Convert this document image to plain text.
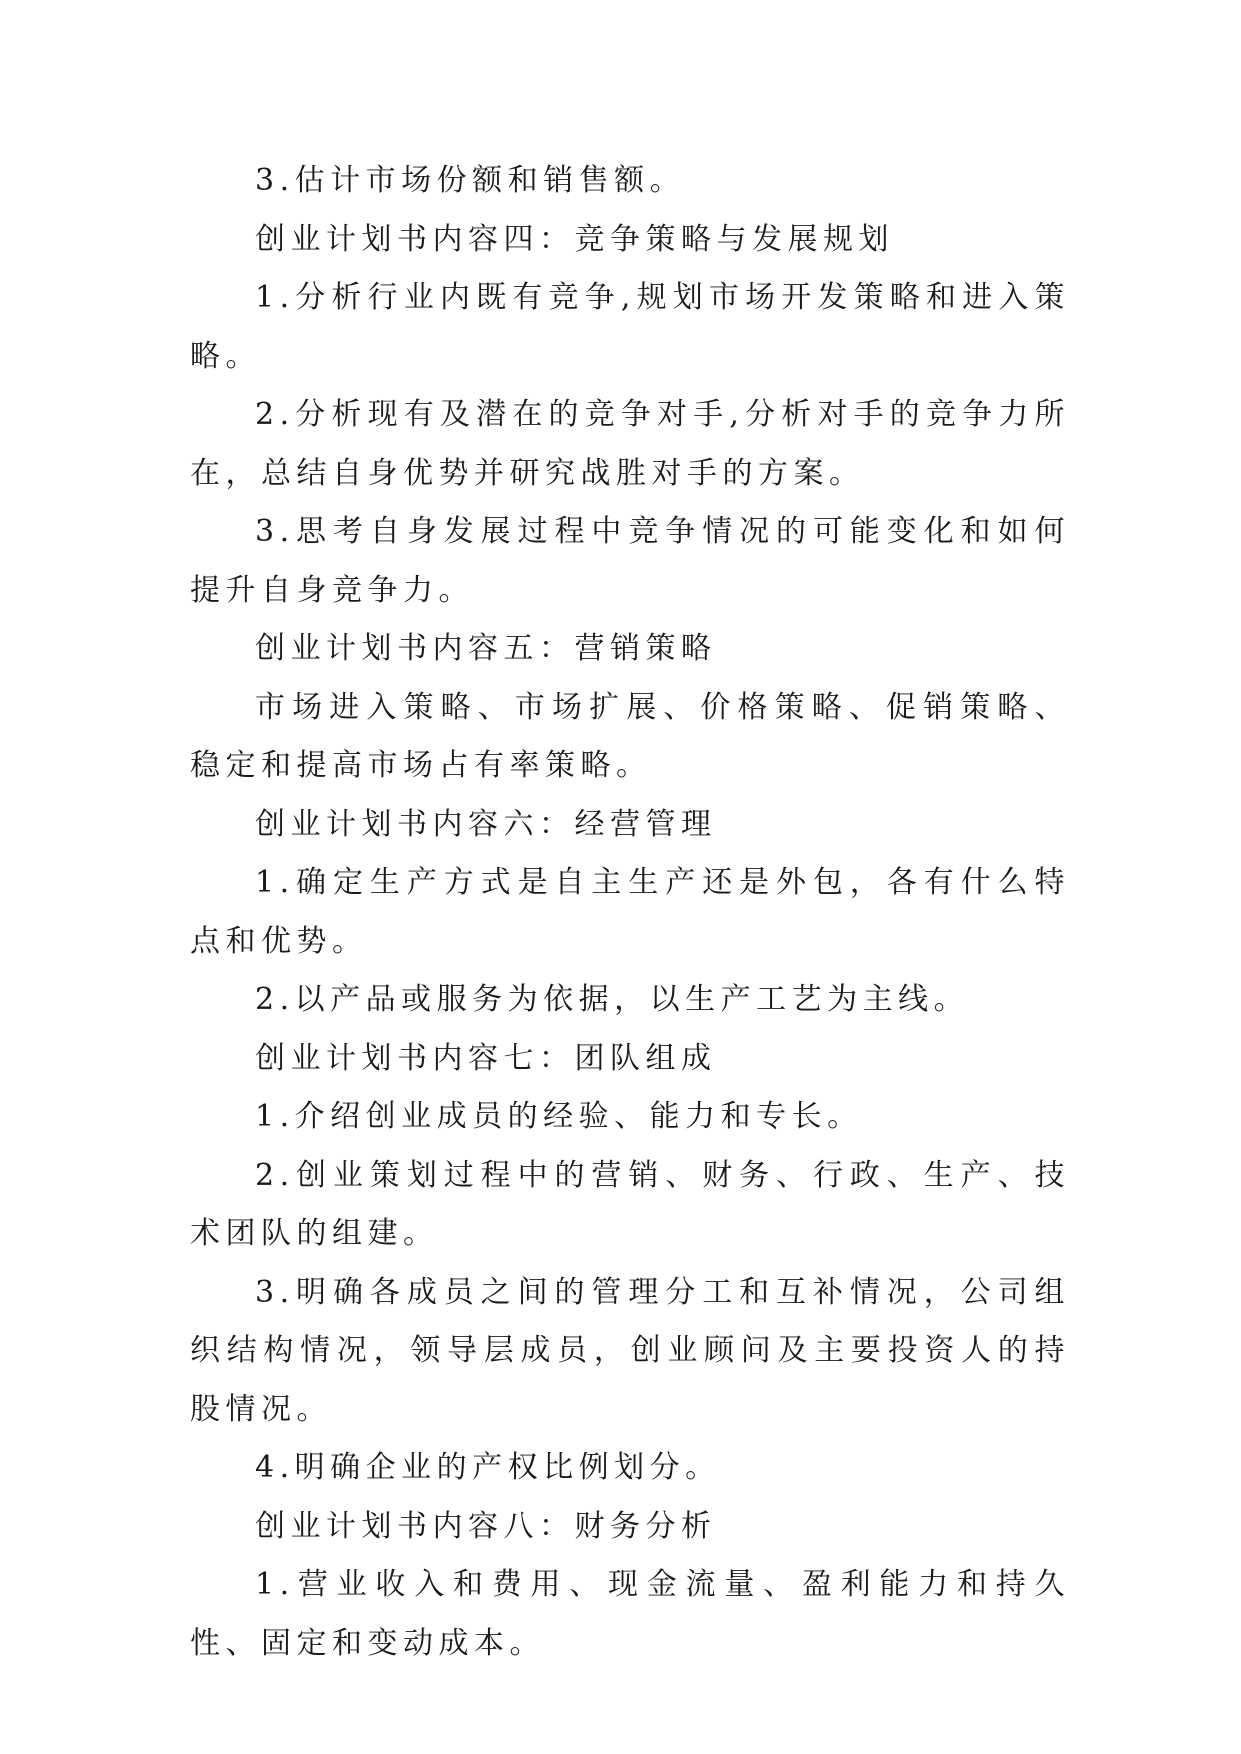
3.估计市场份额和销售额。

创业计划书内容四：竞争策略与发展规划

1.分析行业内既有竞争,规划市场开发策略和进入策略。

2.分析现有及潜在的竞争对手,分析对手的竞争力所在，总结自身优势并研究战胜对手的方案。

3.思考自身发展过程中竞争情况的可能变化和如何提升自身竞争力。

创业计划书内容五：营销策略

市场进入策略、市场扩展、价格策略、促销策略、稳定和提高市场占有率策略。

创业计划书内容六：经营管理

1.确定生产方式是自主生产还是外包，各有什么特点和优势。

2.以产品或服务为依据，以生产工艺为主线。

创业计划书内容七：团队组成

1.介绍创业成员的经验、能力和专长。

2.创业策划过程中的营销、财务、行政、生产、技术团队的组建。

3.明确各成员之间的管理分工和互补情况，公司组织结构情况，领导层成员，创业顾问及主要投资人的持股情况。

4.明确企业的产权比例划分。

创业计划书内容八：财务分析

1.营业收入和费用、现金流量、盈利能力和持久性、固定和变动成本。
